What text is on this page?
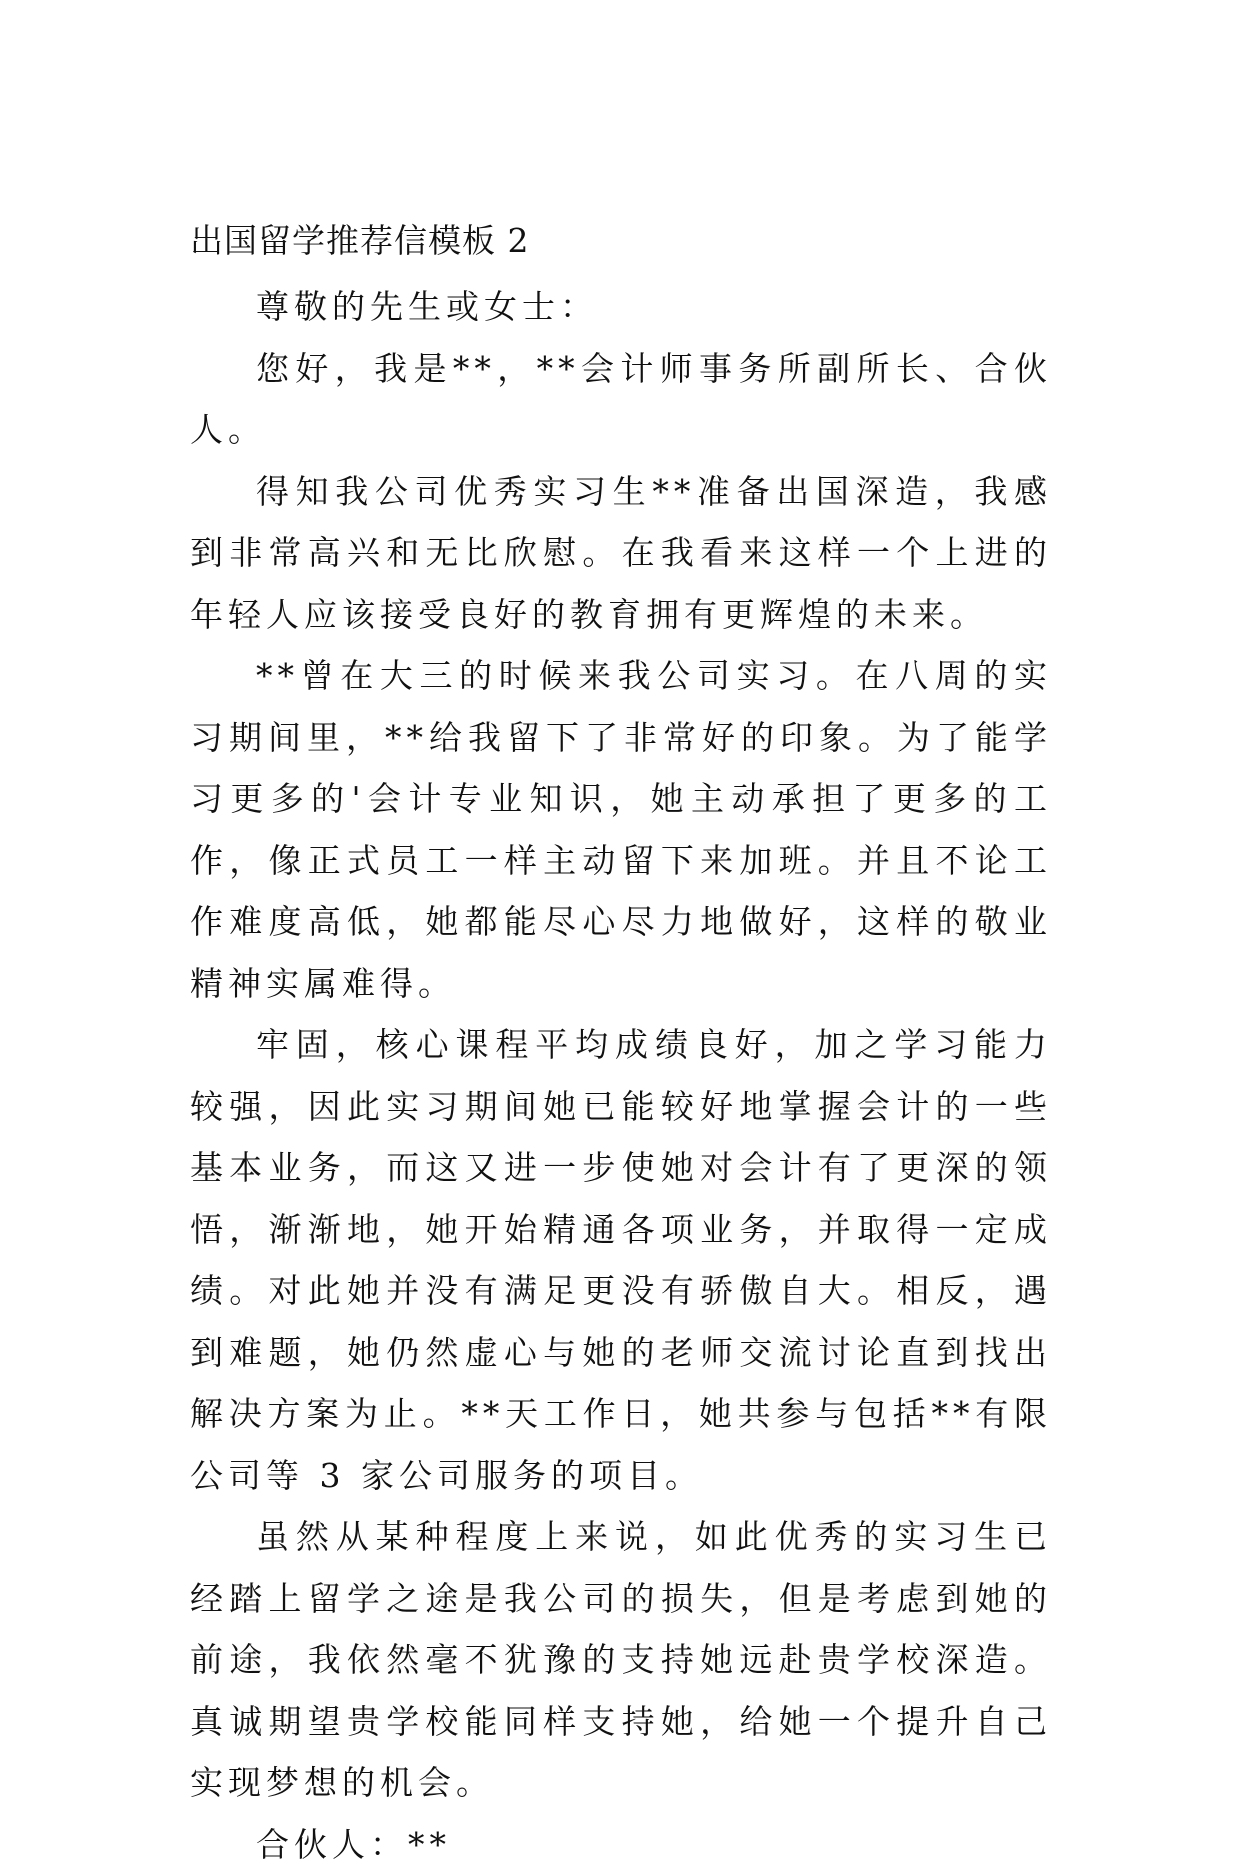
出国留学推荐信模板 2

尊敬的先生或女士：

您好，我是**，**会计师事务所副所长、合伙人。

得知我公司优秀实习生**准备出国深造，我感到非常高兴和无比欣慰。在我看来这样一个上进的年轻人应该接受良好的教育拥有更辉煌的未来。

**曾在大三的时候来我公司实习。在八周的实习期间里，**给我留下了非常好的印象。为了能学习更多的'会计专业知识，她主动承担了更多的工作，像正式员工一样主动留下来加班。并且不论工作难度高低，她都能尽心尽力地做好，这样的敬业精神实属难得。

牢固，核心课程平均成绩良好，加之学习能力较强，因此实习期间她已能较好地掌握会计的一些基本业务，而这又进一步使她对会计有了更深的领悟，渐渐地，她开始精通各项业务，并取得一定成绩。对此她并没有满足更没有骄傲自大。相反，遇到难题，她仍然虚心与她的老师交流讨论直到找出解决方案为止。**天工作日，她共参与包括**有限公司等 3 家公司服务的项目。

虽然从某种程度上来说，如此优秀的实习生已经踏上留学之途是我公司的损失，但是考虑到她的前途，我依然毫不犹豫的支持她远赴贵学校深造。真诚期望贵学校能同样支持她，给她一个提升自己实现梦想的机会。

合伙人：**
